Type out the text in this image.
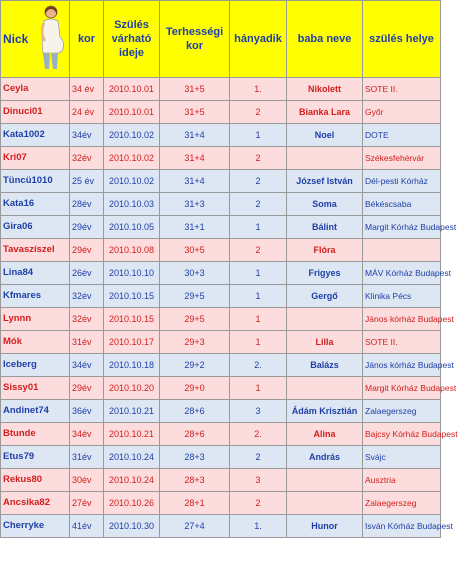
Nick	kor	Szülés várható ideje	Terhességi kor	hányadik	baba neve	szülés helye
Ceyla	34 év	2010.10.01	31+5	1.	Nikolett	SOTE II.
Dinuci01	24 év	2010.10.01	31+5	2	Bianka Lara	Győr
Kata1002	34év	2010.10.02	31+4	1	Noel	DOTE
Kri07	32év	2010.10.02	31+4	2		Székesfehérvár
Tüncü1010	25 év	2010.10.02	31+4	2	József István	Dél-pesti Kórház
Kata16	28év	2010.10.03	31+3	2	Soma	Békéscsaba
Gira06	29év	2010.10.05	31+1	1	Bálint	Margit Kórház Budapest
Tavaszíszel	29év	2010.10.08	30+5	2	Flóra	
Lina84	26év	2010.10.10	30+3	1	Frigyes	MÁV Kórház Budapest
Kfmares	32év	2010.10.15	29+5	1	Gergő	Klinika Pécs
Lynnn	32év	2010.10.15	29+5	1		János kórház Budapest
Mók	31év	2010.10.17	29+3	1	Lilla	SOTE II.
Iceberg	34év	2010.10.18	29+2	2.	Balázs	János kórház Budapest
Sissy01	29év	2010.10.20	29+0	1		Margit Kórház Budapest
Andinet74	36év	2010.10.21	28+6	3	Ádám Krisztián	Zalaegerszeg
Btunde	34év	2010.10.21	28+6	2.	Alina	Bajcsy Kórház Budapest
Etus79	31év	2010.10.24	28+3	2	András	Svájc
Rekus80	30év	2010.10.24	28+3	3		Ausztria
Ancsika82	27év	2010.10.26	28+1	2		Zalaegerszeg
Cherryke	41év	2010.10.30	27+4	1.	Hunor	Isván Kórház Budapest
